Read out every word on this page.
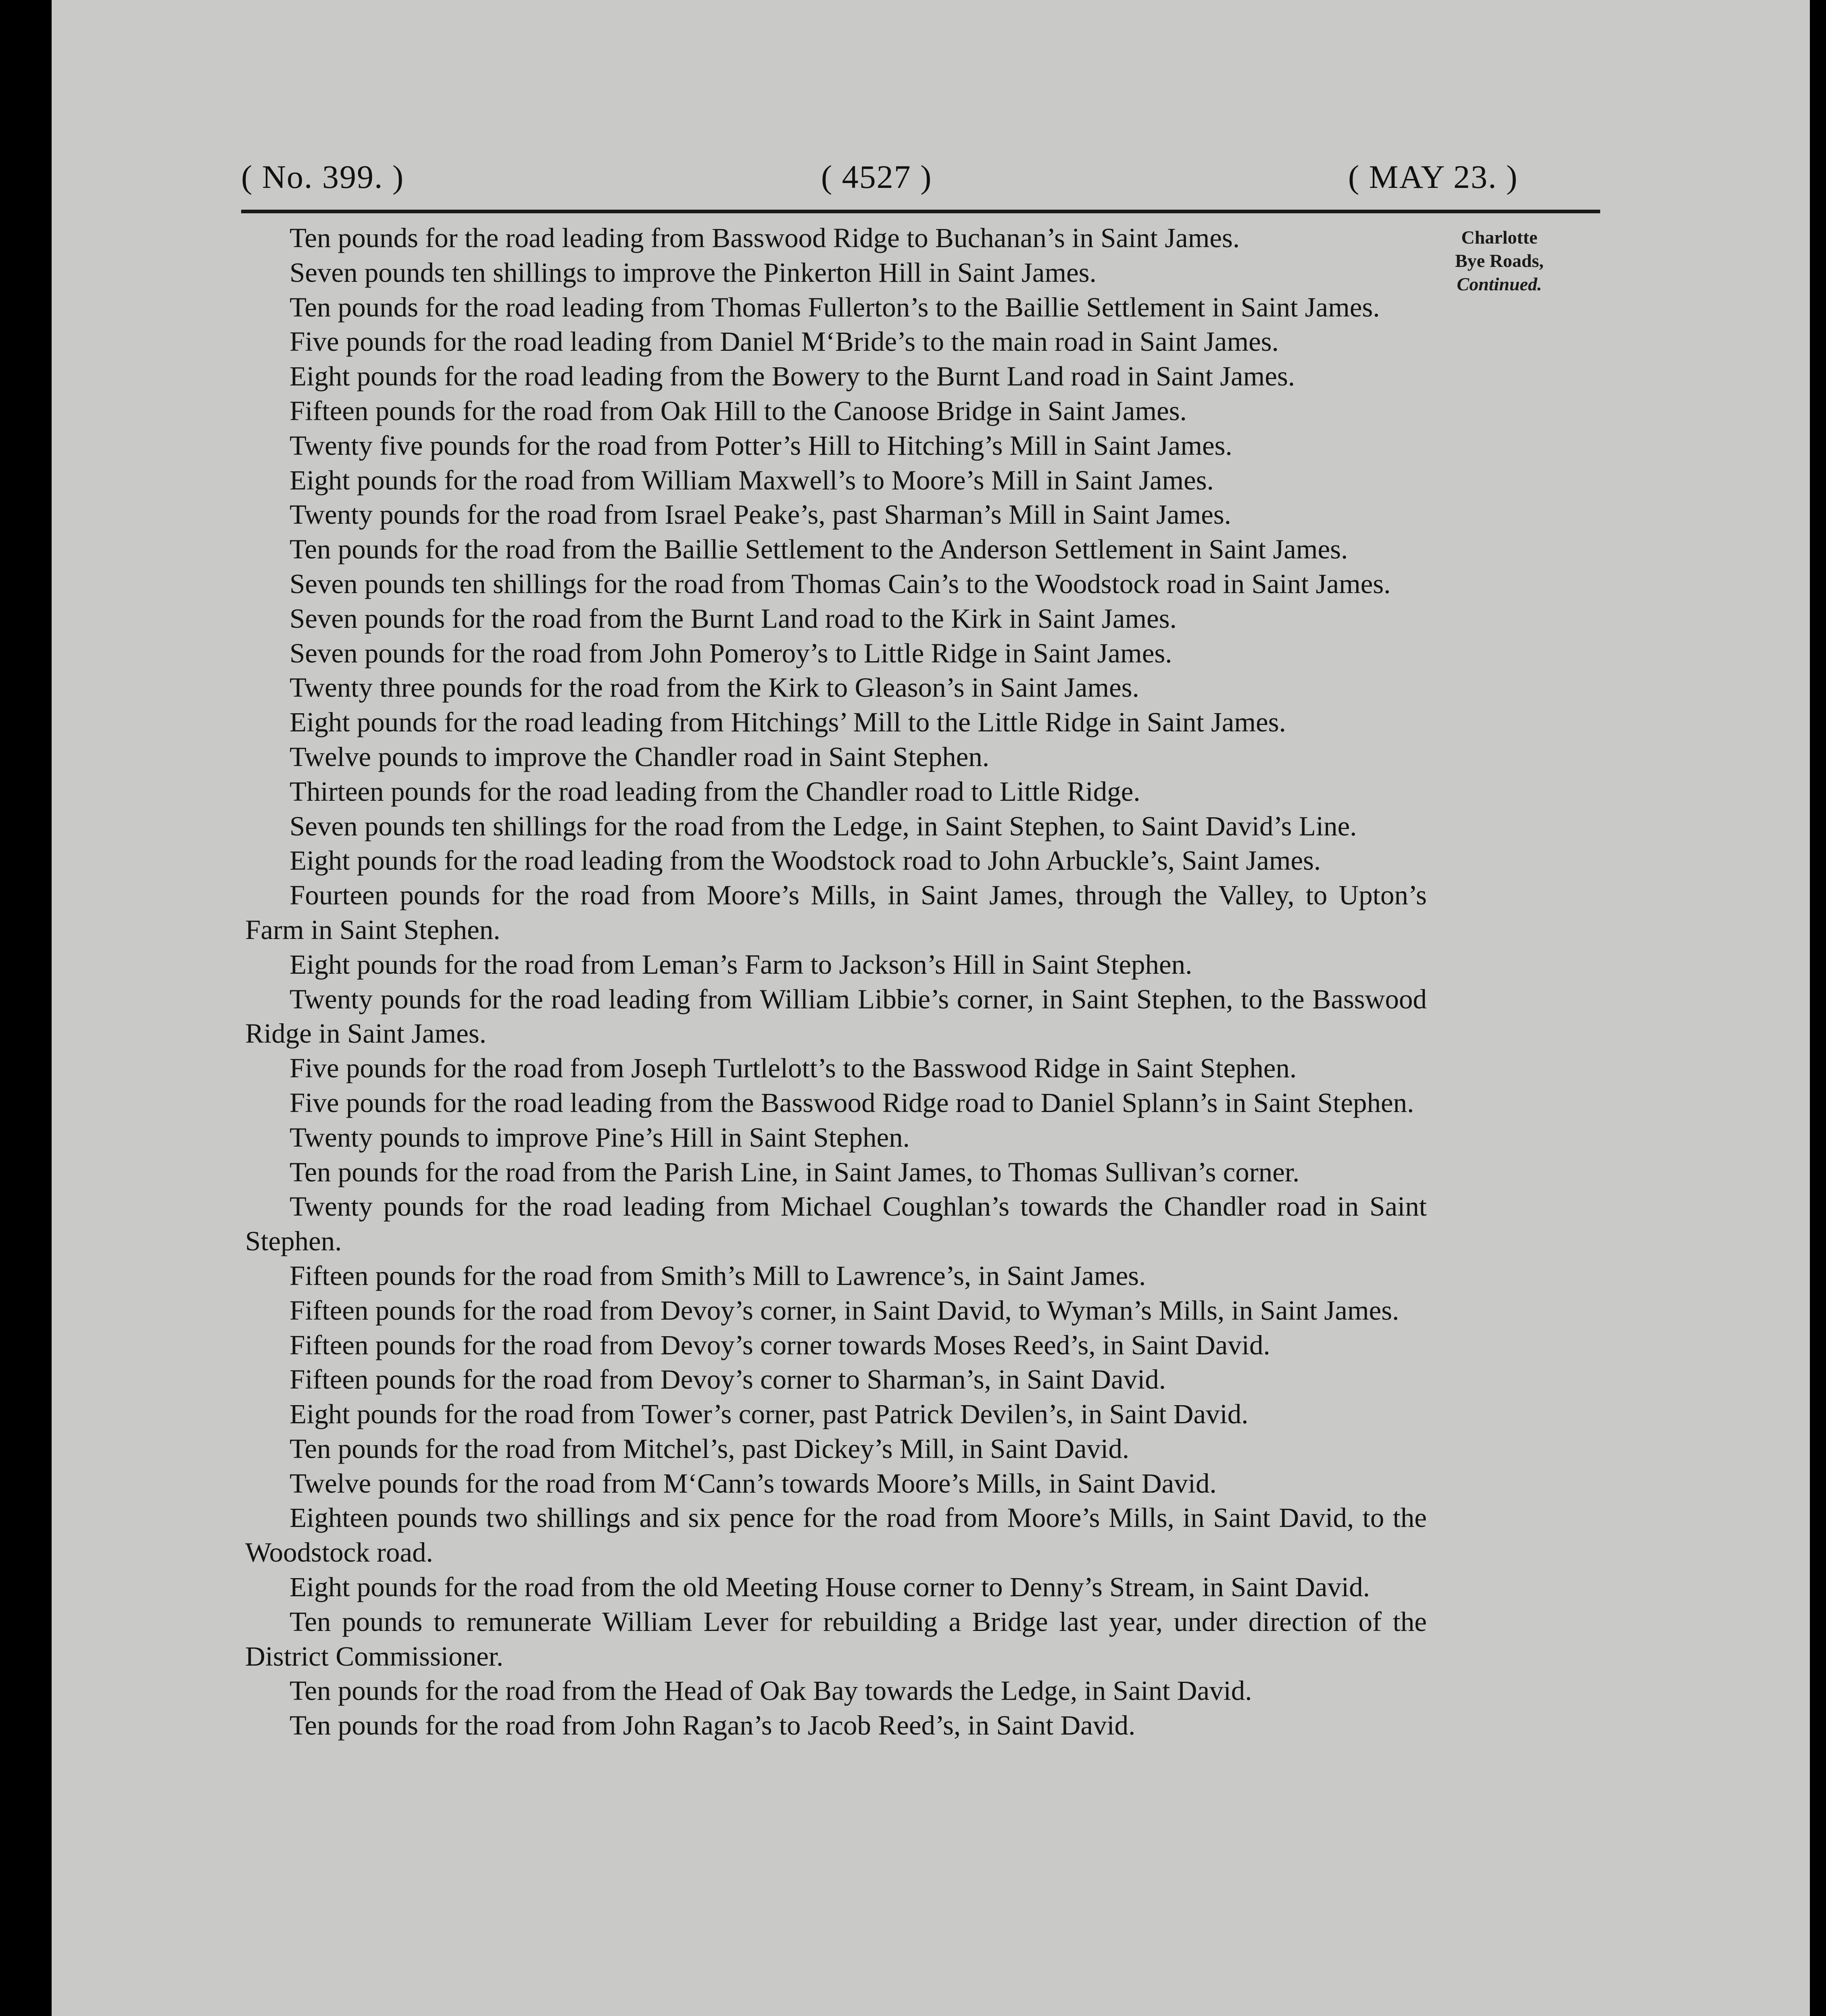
( No. 399. )	( 4527 )	( MAY 23. )
Charlotte
Bye Roads,
Continued.

Ten pounds for the road leading from Basswood Ridge to Buchanan’s in Saint James.

Seven pounds ten shillings to improve the Pinkerton Hill in Saint James.

Ten pounds for the road leading from Thomas Fullerton’s to the Baillie Settlement in Saint James.

Five pounds for the road leading from Daniel M‘Bride’s to the main road in Saint James.

Eight pounds for the road leading from the Bowery to the Burnt Land road in Saint James.

Fifteen pounds for the road from Oak Hill to the Canoose Bridge in Saint James.

Twenty five pounds for the road from Potter’s Hill to Hitching’s Mill in Saint James.

Eight pounds for the road from William Maxwell’s to Moore’s Mill in Saint James.

Twenty pounds for the road from Israel Peake’s, past Sharman’s Mill in Saint James.

Ten pounds for the road from the Baillie Settlement to the Anderson Settlement in Saint James.

Seven pounds ten shillings for the road from Thomas Cain’s to the Woodstock road in Saint James.

Seven pounds for the road from the Burnt Land road to the Kirk in Saint James.

Seven pounds for the road from John Pomeroy’s to Little Ridge in Saint James.

Twenty three pounds for the road from the Kirk to Gleason’s in Saint James.

Eight pounds for the road leading from Hitchings’ Mill to the Little Ridge in Saint James.

Twelve pounds to improve the Chandler road in Saint Stephen.

Thirteen pounds for the road leading from the Chandler road to Little Ridge.

Seven pounds ten shillings for the road from the Ledge, in Saint Stephen, to Saint David’s Line.

Eight pounds for the road leading from the Woodstock road to John Arbuckle’s, Saint James.

Fourteen pounds for the road from Moore’s Mills, in Saint James, through the Valley, to Upton’s Farm in Saint Stephen.

Eight pounds for the road from Leman’s Farm to Jackson’s Hill in Saint Stephen.

Twenty pounds for the road leading from William Libbie’s corner, in Saint Stephen, to the Basswood Ridge in Saint James.

Five pounds for the road from Joseph Turtlelott’s to the Basswood Ridge in Saint Stephen.

Five pounds for the road leading from the Basswood Ridge road to Daniel Splann’s in Saint Stephen.

Twenty pounds to improve Pine’s Hill in Saint Stephen.

Ten pounds for the road from the Parish Line, in Saint James, to Thomas Sullivan’s corner.

Twenty pounds for the road leading from Michael Coughlan’s towards the Chandler road in Saint Stephen.

Fifteen pounds for the road from Smith’s Mill to Lawrence’s, in Saint James.

Fifteen pounds for the road from Devoy’s corner, in Saint David, to Wyman’s Mills, in Saint James.

Fifteen pounds for the road from Devoy’s corner towards Moses Reed’s, in Saint David.

Fifteen pounds for the road from Devoy’s corner to Sharman’s, in Saint David.

Eight pounds for the road from Tower’s corner, past Patrick Devilen’s, in Saint David.

Ten pounds for the road from Mitchel’s, past Dickey’s Mill, in Saint David.

Twelve pounds for the road from M‘Cann’s towards Moore’s Mills, in Saint David.

Eighteen pounds two shillings and six pence for the road from Moore’s Mills, in Saint David, to the Woodstock road.

Eight pounds for the road from the old Meeting House corner to Denny’s Stream, in Saint David.

Ten pounds to remunerate William Lever for rebuilding a Bridge last year, under direction of the District Commissioner.

Ten pounds for the road from the Head of Oak Bay towards the Ledge, in Saint David.

Ten pounds for the road from John Ragan’s to Jacob Reed’s, in Saint David.
